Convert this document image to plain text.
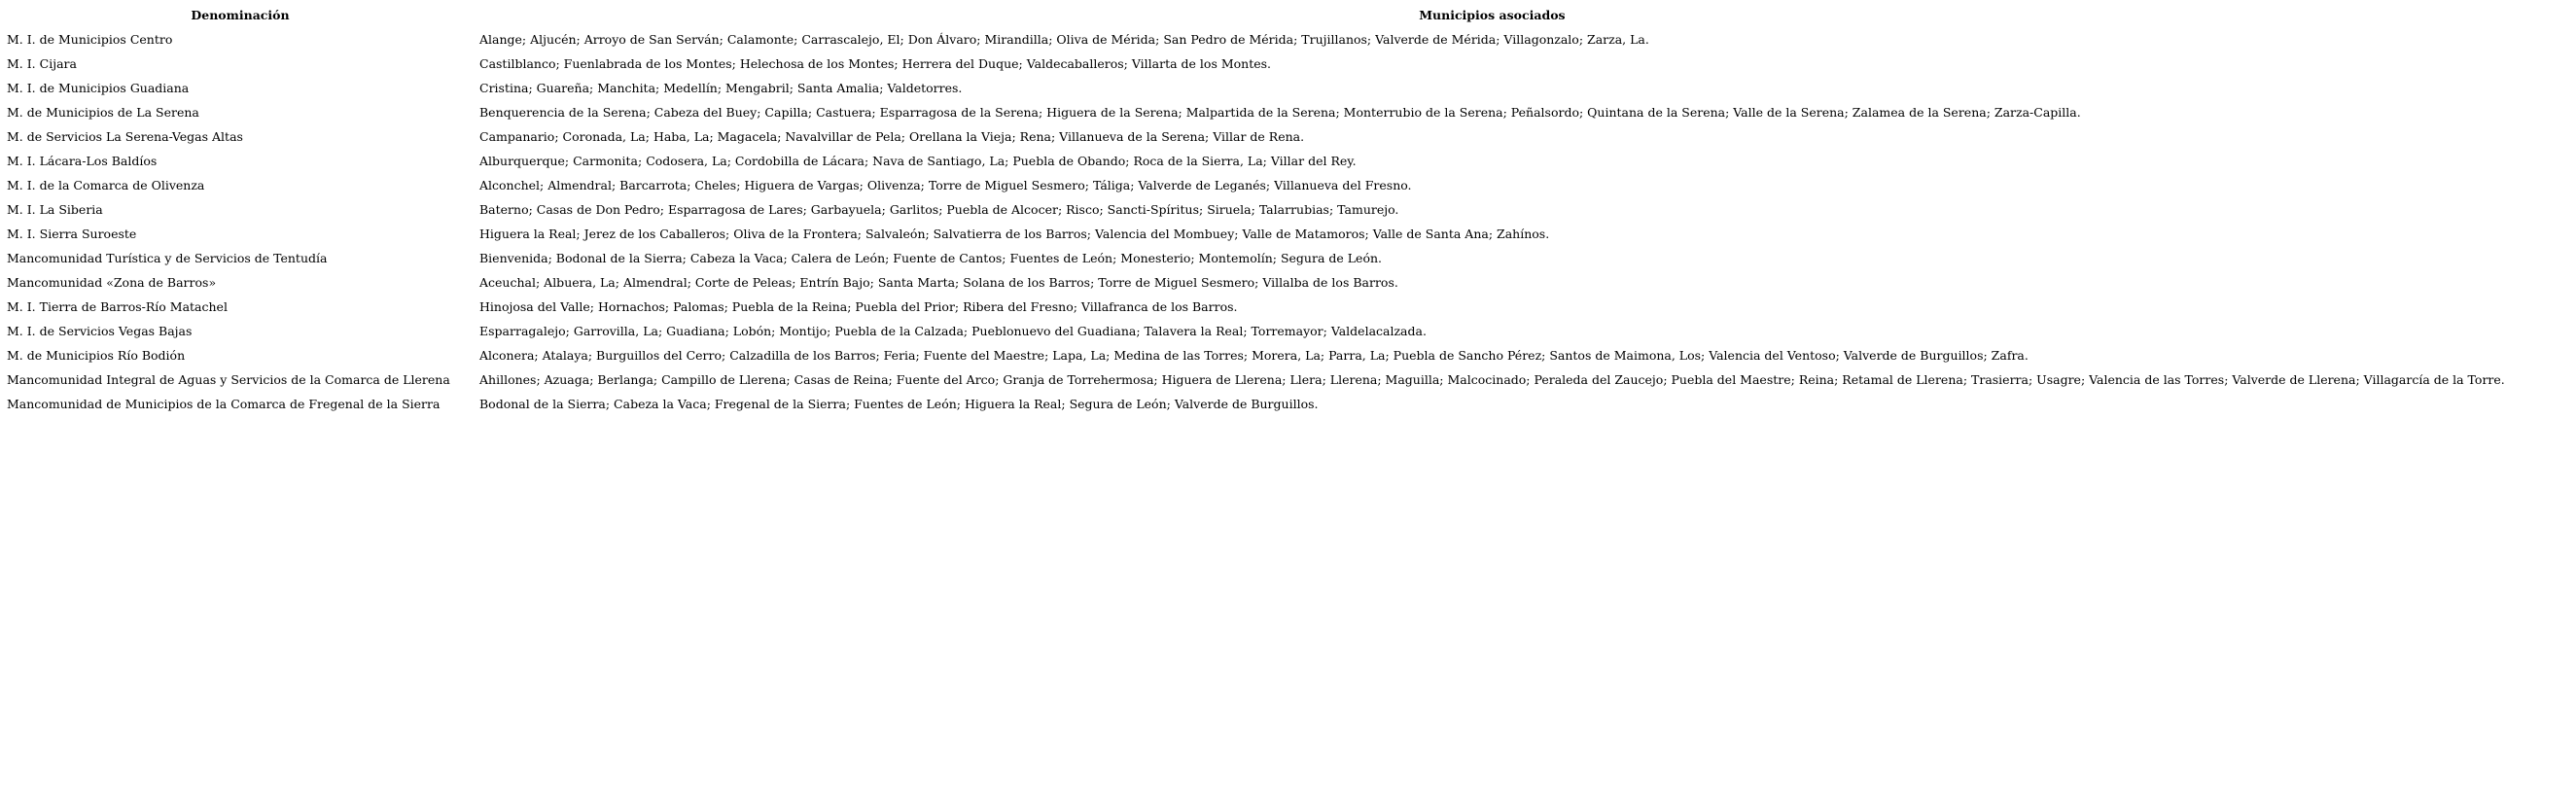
Denominación	Municipios asociados
M. I. de Municipios Centro	Alange; Aljucén; Arroyo de San Serván; Calamonte; Carrascalejo, El; Don Álvaro; Mirandilla; Oliva de Mérida; San Pedro de Mérida; Trujillanos; Valverde de Mérida; Villagonzalo; Zarza, La.
M. I. Cijara	Castilblanco; Fuenlabrada de los Montes; Helechosa de los Montes; Herrera del Duque; Valdecaballeros; Villarta de los Montes.
M. I. de Municipios Guadiana	Cristina; Guareña; Manchita; Medellín; Mengabril; Santa Amalia; Valdetorres.
M. de Municipios de La Serena	Benquerencia de la Serena; Cabeza del Buey; Capilla; Castuera; Esparragosa de la Serena; Higuera de la Serena; Malpartida de la Serena; Monterrubio de la Serena; Peñalsordo; Quintana de la Serena; Valle de la Serena; Zalamea de la Serena; Zarza-Capilla.
M. de Servicios La Serena-Vegas Altas	Campanario; Coronada, La; Haba, La; Magacela; Navalvillar de Pela; Orellana la Vieja; Rena; Villanueva de la Serena; Villar de Rena.
M. I. Lácara-Los Baldíos	Alburquerque; Carmonita; Codosera, La; Cordobilla de Lácara; Nava de Santiago, La; Puebla de Obando; Roca de la Sierra, La; Villar del Rey.
M. I. de la Comarca de Olivenza	Alconchel; Almendral; Barcarrota; Cheles; Higuera de Vargas; Olivenza; Torre de Miguel Sesmero; Táliga; Valverde de Leganés; Villanueva del Fresno.
M. I. La Siberia	Baterno; Casas de Don Pedro; Esparragosa de Lares; Garbayuela; Garlitos; Puebla de Alcocer; Risco; Sancti-Spíritus; Siruela; Talarrubias; Tamurejo.
M. I. Sierra Suroeste	Higuera la Real; Jerez de los Caballeros; Oliva de la Frontera; Salvaleón; Salvatierra de los Barros; Valencia del Mombuey; Valle de Matamoros; Valle de Santa Ana; Zahínos.
Mancomunidad Turística y de Servicios de Tentudía	Bienvenida; Bodonal de la Sierra; Cabeza la Vaca; Calera de León; Fuente de Cantos; Fuentes de León; Monesterio; Montemolín; Segura de León.
Mancomunidad «Zona de Barros»	Aceuchal; Albuera, La; Almendral; Corte de Peleas; Entrín Bajo; Santa Marta; Solana de los Barros; Torre de Miguel Sesmero; Villalba de los Barros.
M. I. Tierra de Barros-Río Matachel	Hinojosa del Valle; Hornachos; Palomas; Puebla de la Reina; Puebla del Prior; Ribera del Fresno; Villafranca de los Barros.
M. I. de Servicios Vegas Bajas	Esparragalejo; Garrovilla, La; Guadiana; Lobón; Montijo; Puebla de la Calzada; Pueblonuevo del Guadiana; Talavera la Real; Torremayor; Valdelacalzada.
M. de Municipios Río Bodión	Alconera; Atalaya; Burguillos del Cerro; Calzadilla de los Barros; Feria; Fuente del Maestre; Lapa, La; Medina de las Torres; Morera, La; Parra, La; Puebla de Sancho Pérez; Santos de Maimona, Los; Valencia del Ventoso; Valverde de Burguillos; Zafra.
Mancomunidad Integral de Aguas y Servicios de la Comarca de Llerena	Ahillones; Azuaga; Berlanga; Campillo de Llerena; Casas de Reina; Fuente del Arco; Granja de Torrehermosa; Higuera de Llerena; Llera; Llerena; Maguilla; Malcocinado; Peraleda del Zaucejo; Puebla del Maestre; Reina; Retamal de Llerena; Trasierra; Usagre; Valencia de las Torres; Valverde de Llerena; Villagarcía de la Torre.
Mancomunidad de Municipios de la Comarca de Fregenal de la Sierra	Bodonal de la Sierra; Cabeza la Vaca; Fregenal de la Sierra; Fuentes de León; Higuera la Real; Segura de León; Valverde de Burguillos.
